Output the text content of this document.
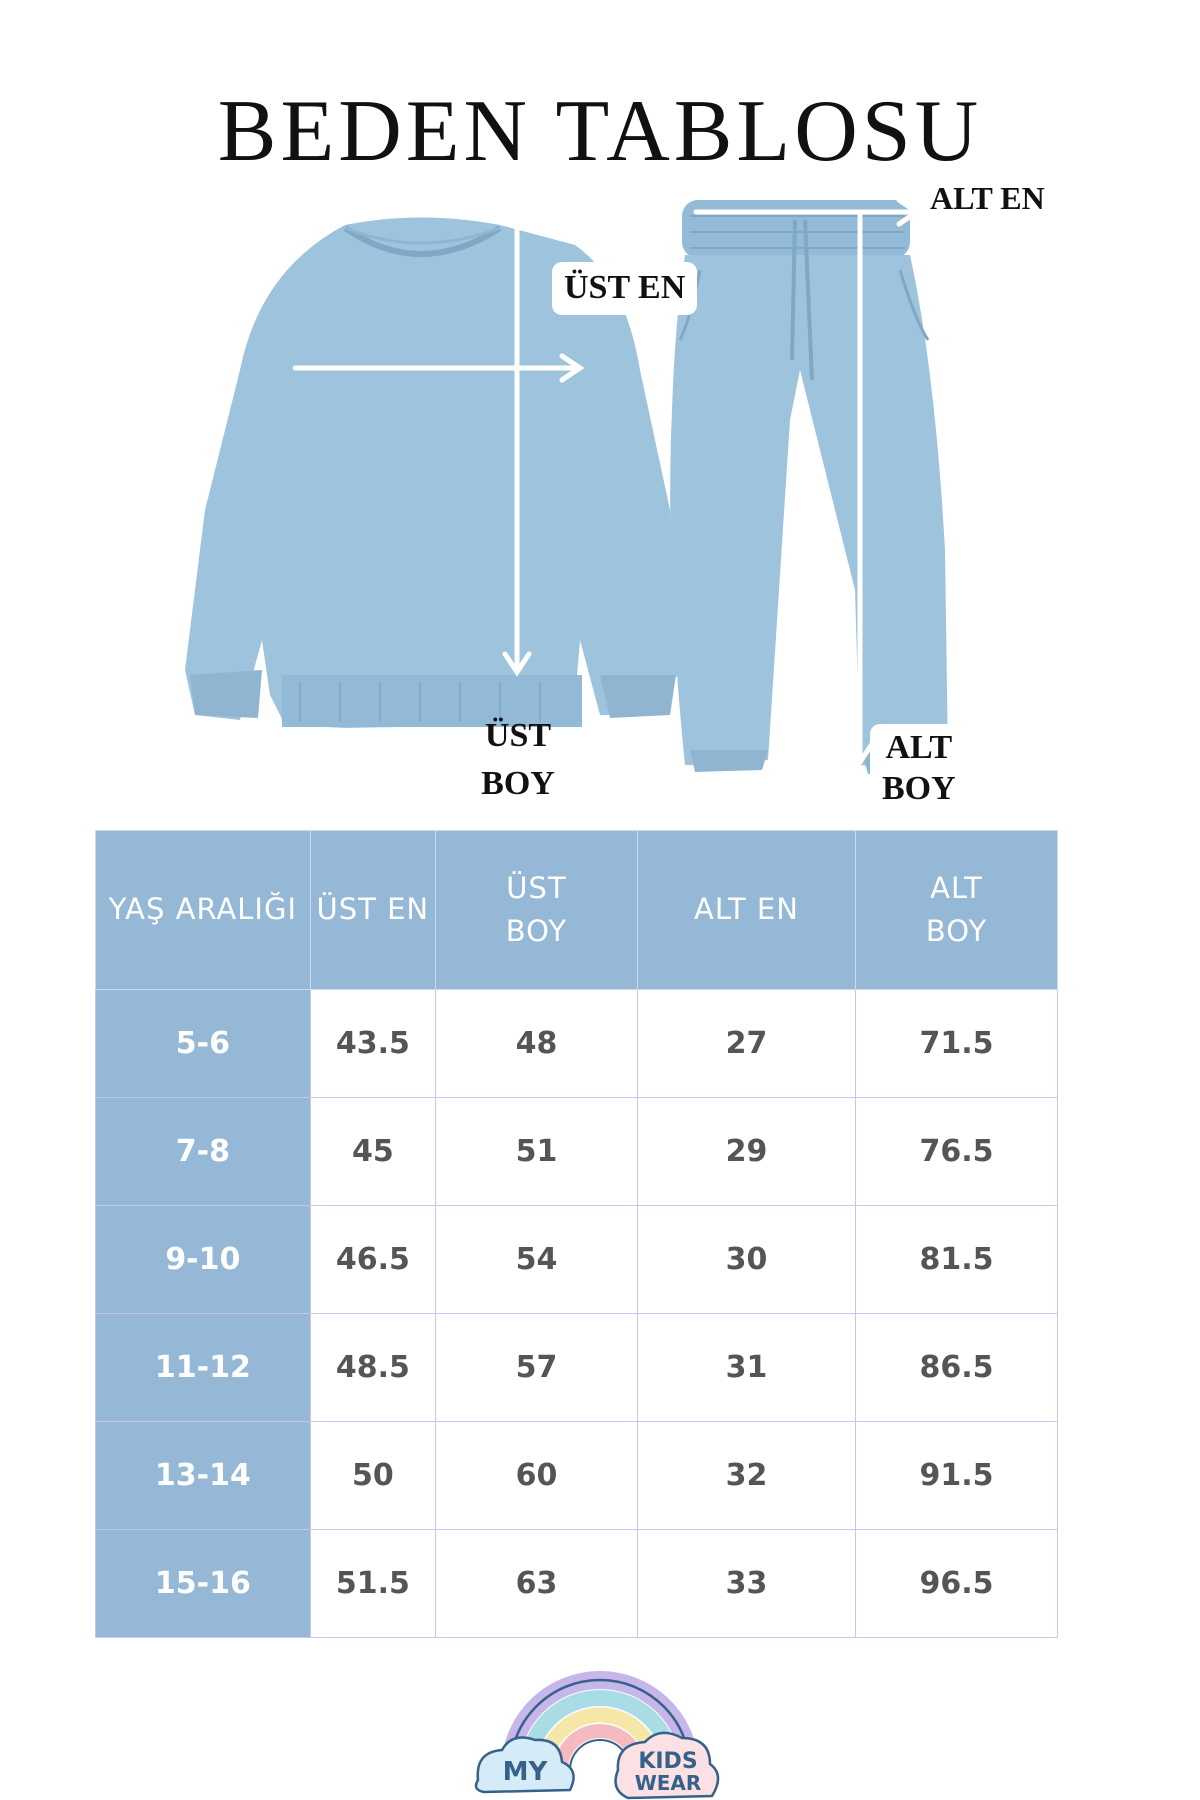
BEDEN TABLOSU
ÜST EN
ÜST
BOY
ALT EN
ALT
BOY
YAŞ ARALIĞI	ÜST EN	ÜST BOY	ALT EN	ALT BOY
5-6	43.5	48	27	71.5
7-8	45	51	29	76.5
9-10	46.5	54	30	81.5
11-12	48.5	57	31	86.5
13-14	50	60	32	91.5
15-16	51.5	63	33	96.5
MY	KIDS
WEAR
